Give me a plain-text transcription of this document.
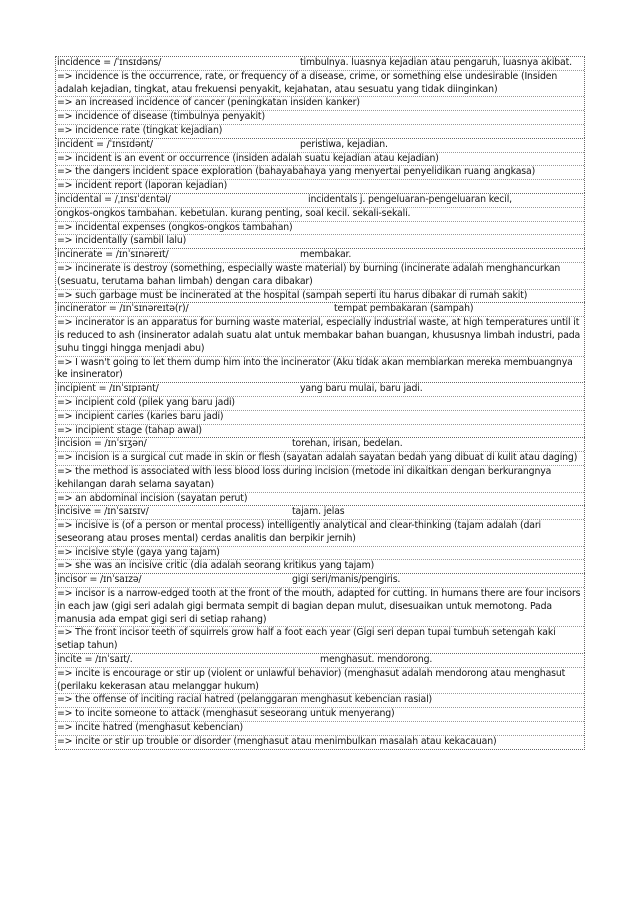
incidence = /ˈɪnsɪdəns/	timbulnya. luasnya kejadian atau pengaruh, luasnya akibat.
=> incidence is the occurrence, rate, or frequency of a disease, crime, or something else undesirable (Insiden adalah kejadian, tingkat, atau frekuensi penyakit, kejahatan, atau sesuatu yang tidak diinginkan)
=> an increased incidence of cancer (peningkatan insiden kanker)
=> incidence of disease (timbulnya penyakit)
=> incidence rate (tingkat kejadian)
incident = /ˈɪnsɪdənt/	peristiwa, kejadian.
=> incident is an event or occurrence (insiden adalah suatu kejadian atau kejadian)
=> the dangers incident space exploration (bahayabahaya yang menyertai penyelidikan ruang angkasa)
=> incident report (laporan kejadian)
incidental = /ˌɪnsɪˈdɛntəl/	incidentals j. pengeluaran-pengeluaran kecil,
ongkos-ongkos tambahan. kebetulan. kurang penting, soal kecil. sekali-sekali.
=> incidental expenses (ongkos-ongkos tambahan)
=> incidentally (sambil lalu)
incinerate = /ɪnˈsɪnəreɪt/	membakar.
=> incinerate is destroy (something, especially waste material) by burning (incinerate adalah menghancurkan (sesuatu, terutama bahan limbah) dengan cara dibakar)
=> such garbage must be incinerated at the hospital (sampah seperti itu harus dibakar di rumah sakit)
incinerator = /ɪnˈsɪnəreɪtə(r)/	tempat pembakaran (sampah)
=> incinerator is an apparatus for burning waste material, especially industrial waste, at high temperatures until it is reduced to ash (insinerator adalah suatu alat untuk membakar bahan buangan, khususnya limbah industri, pada suhu tinggi hingga menjadi abu)
=> I wasn't going to let them dump him into the incinerator (Aku tidak akan membiarkan mereka membuangnya ke insinerator)
incipient = /ɪnˈsɪpɪənt/	yang baru mulai, baru jadi.
=> incipient cold (pilek yang baru jadi)
=> incipient caries (karies baru jadi)
=> incipient stage (tahap awal)
incision = /ɪnˈsɪʒən/	torehan, irisan, bedelan.
=> incision is a surgical cut made in skin or flesh (sayatan adalah sayatan bedah yang dibuat di kulit atau daging)
=> the method is associated with less blood loss during incision (metode ini dikaitkan dengan berkurangnya kehilangan darah selama sayatan)
=> an abdominal incision (sayatan perut)
incisive = /ɪnˈsaɪsɪv/	tajam. jelas
=> incisive is (of a person or mental process) intelligently analytical and clear-thinking (tajam adalah (dari seseorang atau proses mental) cerdas analitis dan berpikir jernih)
=> incisive style (gaya yang tajam)
=> she was an incisive critic (dia adalah seorang kritikus yang tajam)
incisor = /ɪnˈsaɪzə/	gigi seri/manis/pengiris.
=> incisor is a narrow-edged tooth at the front of the mouth, adapted for cutting. In humans there are four incisors in each jaw (gigi seri adalah gigi bermata sempit di bagian depan mulut, disesuaikan untuk memotong. Pada manusia ada empat gigi seri di setiap rahang)
=> The front incisor teeth of squirrels grow half a foot each year (Gigi seri depan tupai tumbuh setengah kaki setiap tahun)
incite = /ɪnˈsaɪt/.	menghasut. mendorong.
=> incite is encourage or stir up (violent or unlawful behavior) (menghasut adalah mendorong atau menghasut (perilaku kekerasan atau melanggar hukum)
=> the offense of inciting racial hatred (pelanggaran menghasut kebencian rasial)
=> to incite someone to attack (menghasut seseorang untuk menyerang)
=> incite hatred (menghasut kebencian)
=> incite or stir up trouble or disorder (menghasut atau menimbulkan masalah atau kekacauan)
